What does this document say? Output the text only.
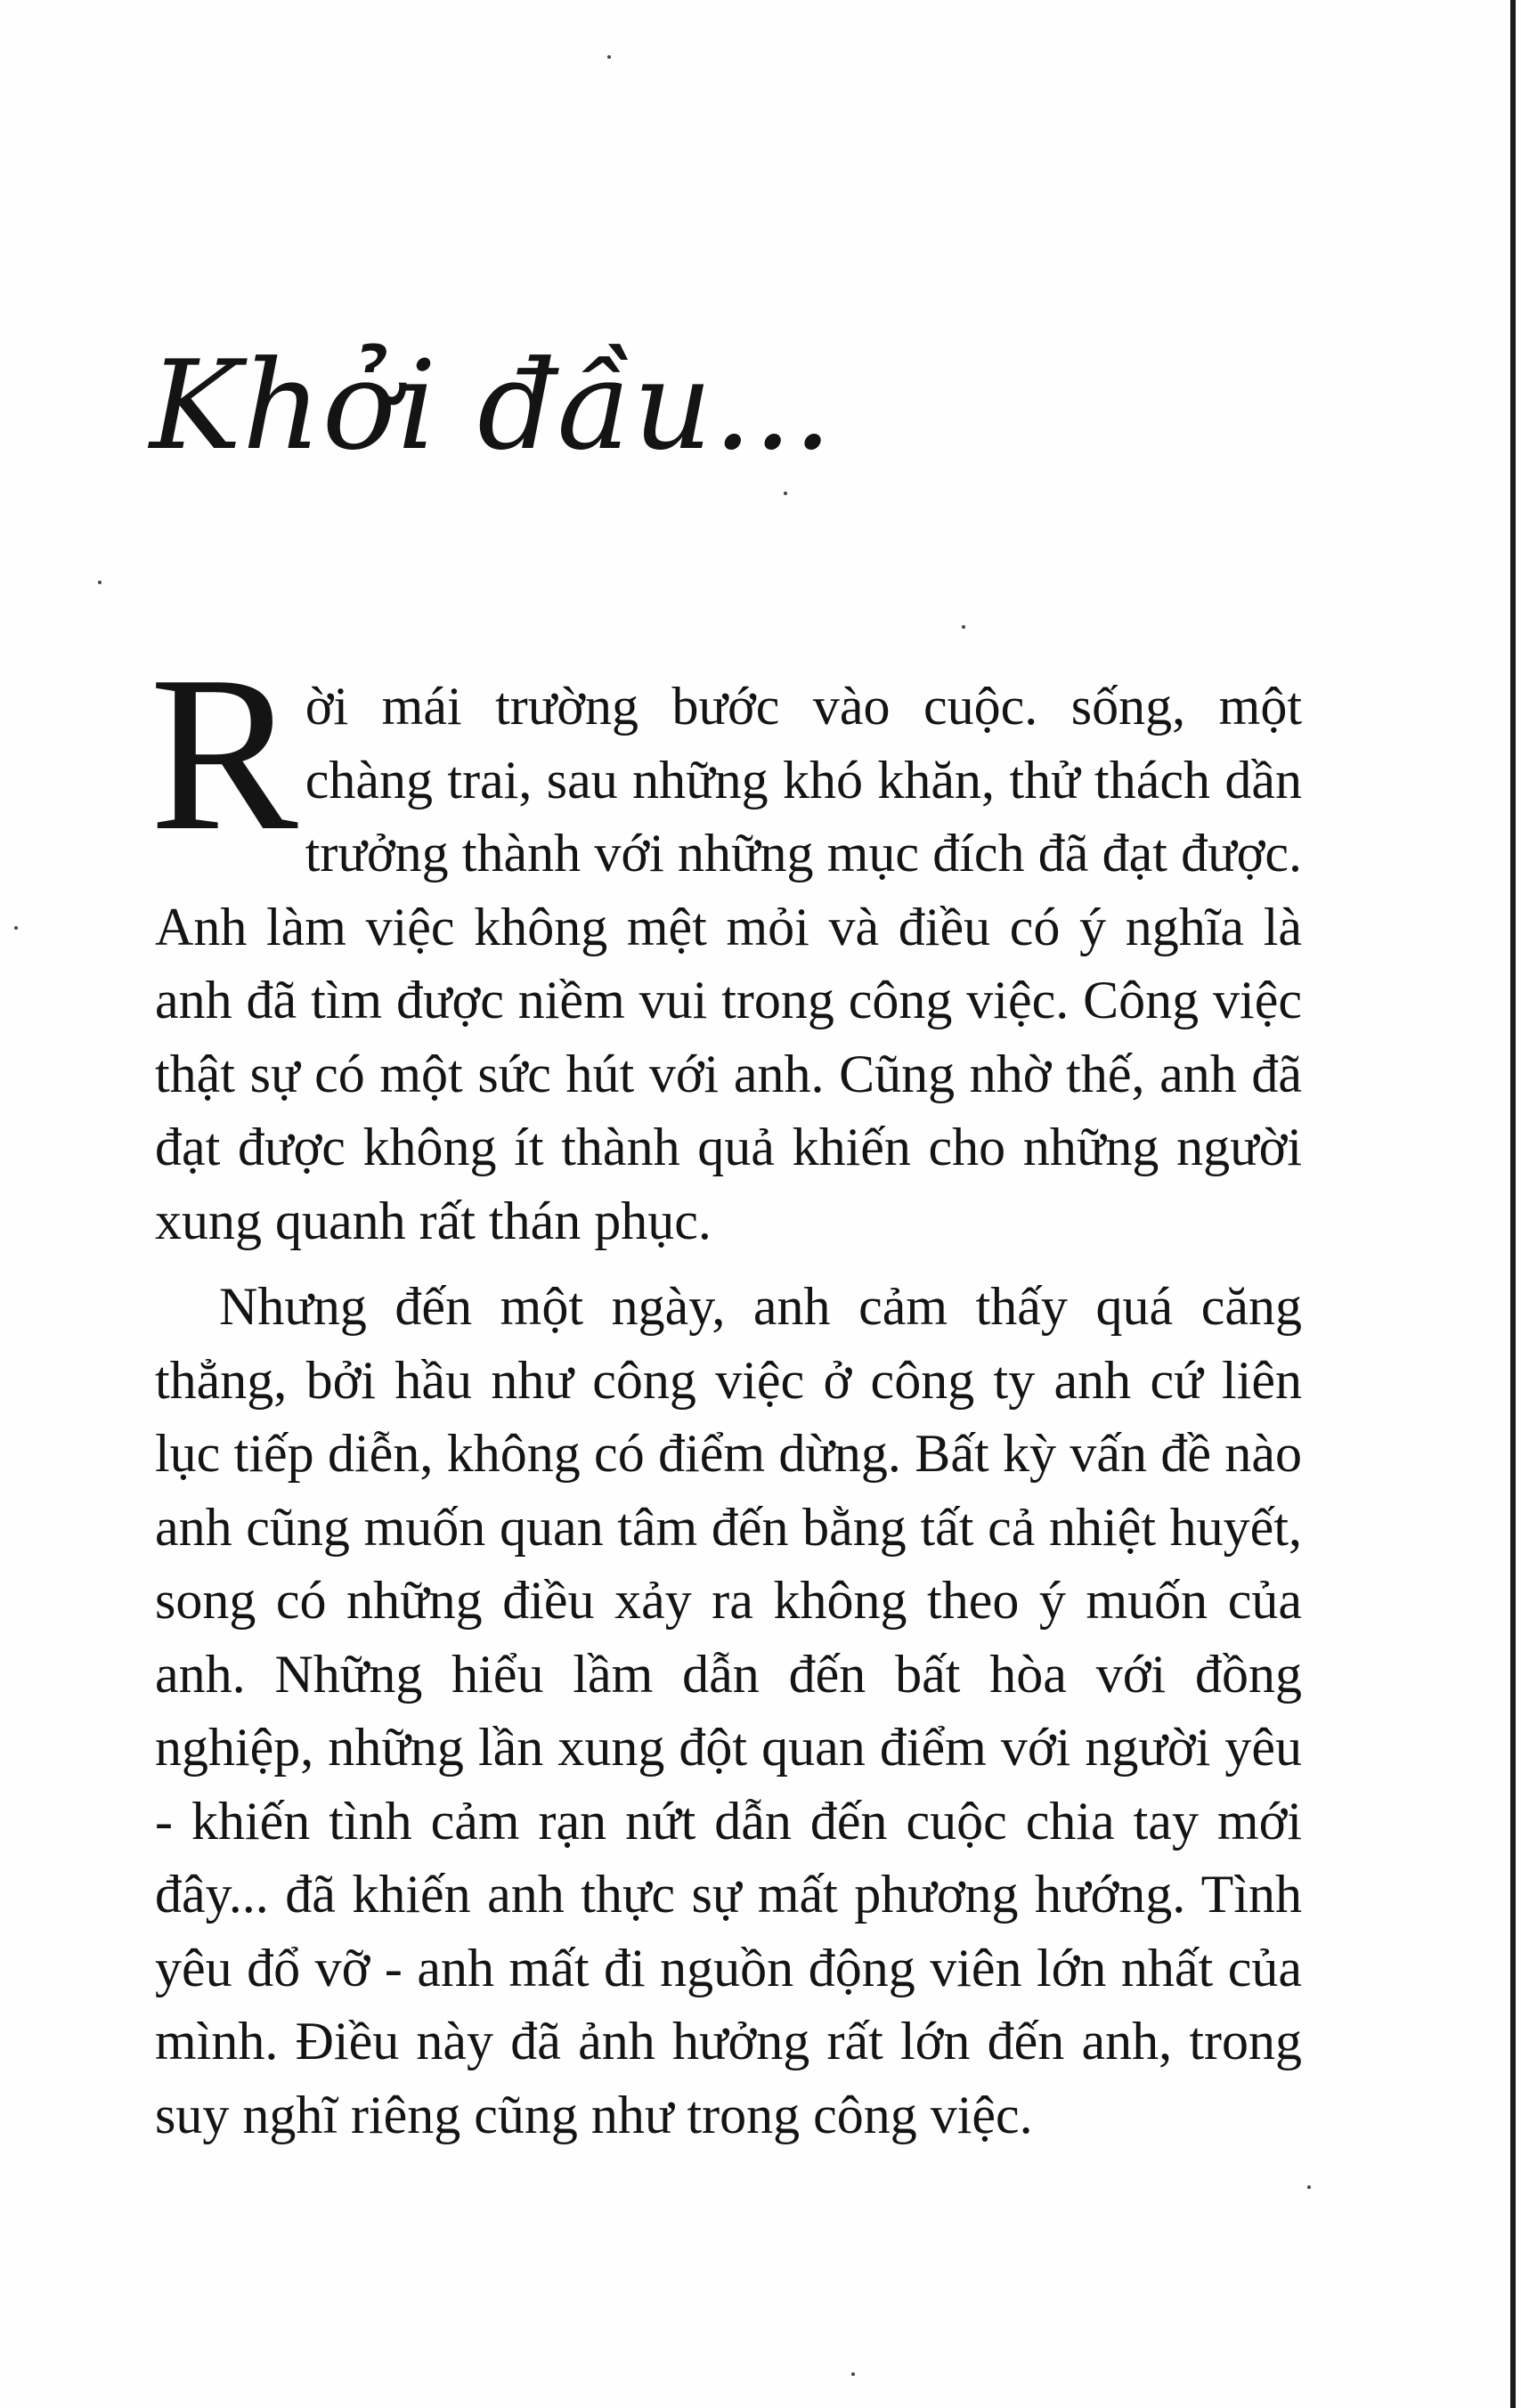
Khởi đầu...

Rời mái trường bước vào cuộc. sống, một chàng trai, sau những khó khăn, thử thách dần trưởng thành với những mục đích đã đạt được. Anh làm việc không mệt mỏi và điều có ý nghĩa là anh đã tìm được niềm vui trong công việc. Công việc thật sự có một sức hút với anh. Cũng nhờ thế, anh đã đạt được không ít thành quả khiến cho những người xung quanh rất thán phục.

Nhưng đến một ngày, anh cảm thấy quá căng thẳng, bởi hầu như công việc ở công ty anh cứ liên lục tiếp diễn, không có điểm dừng. Bất kỳ vấn đề nào anh cũng muốn quan tâm đến bằng tất cả nhiệt huyết, song có những điều xảy ra không theo ý muốn của anh. Những hiểu lầm dẫn đến bất hòa với đồng nghiệp, những lần xung đột quan điểm với người yêu - khiến tình cảm rạn nứt dẫn đến cuộc chia tay mới đây... đã khiến anh thực sự mất phương hướng. Tình yêu đổ vỡ - anh mất đi nguồn động viên lớn nhất của mình. Điều này đã ảnh hưởng rất lớn đến anh, trong suy nghĩ riêng cũng như trong công việc.
